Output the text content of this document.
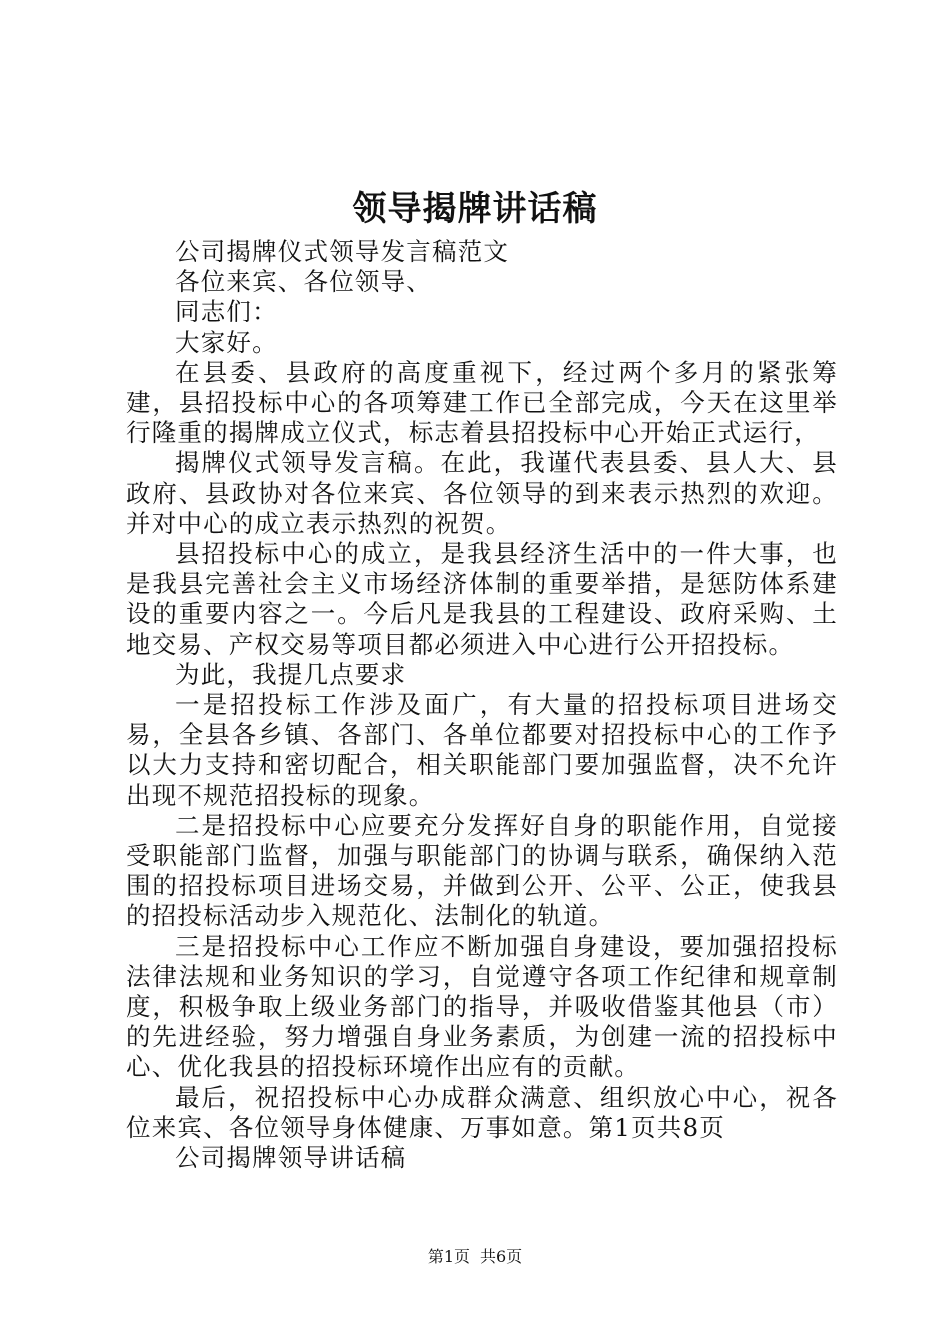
领导揭牌讲话稿

公司揭牌仪式领导发言稿范文

各位来宾、各位领导、

同志们：

大家好。

在县委、县政府的高度重视下，经过两个多月的紧张筹建，县招投标中心的各项筹建工作已全部完成，今天在这里举行隆重的揭牌成立仪式，标志着县招投标中心开始正式运行，

揭牌仪式领导发言稿。在此，我谨代表县委、县人大、县政府、县政协对各位来宾、各位领导的到来表示热烈的欢迎。并对中心的成立表示热烈的祝贺。

县招投标中心的成立，是我县经济生活中的一件大事，也是我县完善社会主义市场经济体制的重要举措，是惩防体系建设的重要内容之一。今后凡是我县的工程建设、政府采购、土地交易、产权交易等项目都必须进入中心进行公开招投标。

为此，我提几点要求

一是招投标工作涉及面广，有大量的招投标项目进场交易，全县各乡镇、各部门、各单位都要对招投标中心的工作予以大力支持和密切配合，相关职能部门要加强监督，决不允许出现不规范招投标的现象。

二是招投标中心应要充分发挥好自身的职能作用，自觉接受职能部门监督，加强与职能部门的协调与联系，确保纳入范围的招投标项目进场交易，并做到公开、公平、公正，使我县的招投标活动步入规范化、法制化的轨道。

三是招投标中心工作应不断加强自身建设，要加强招投标法律法规和业务知识的学习，自觉遵守各项工作纪律和规章制度，积极争取上级业务部门的指导，并吸收借鉴其他县（市）的先进经验，努力增强自身业务素质，为创建一流的招投标中心、优化我县的招投标环境作出应有的贡献。

最后，祝招投标中心办成群众满意、组织放心中心，祝各位来宾、各位领导身体健康、万事如意。第1页共8页

公司揭牌领导讲话稿

第1页 共6页
